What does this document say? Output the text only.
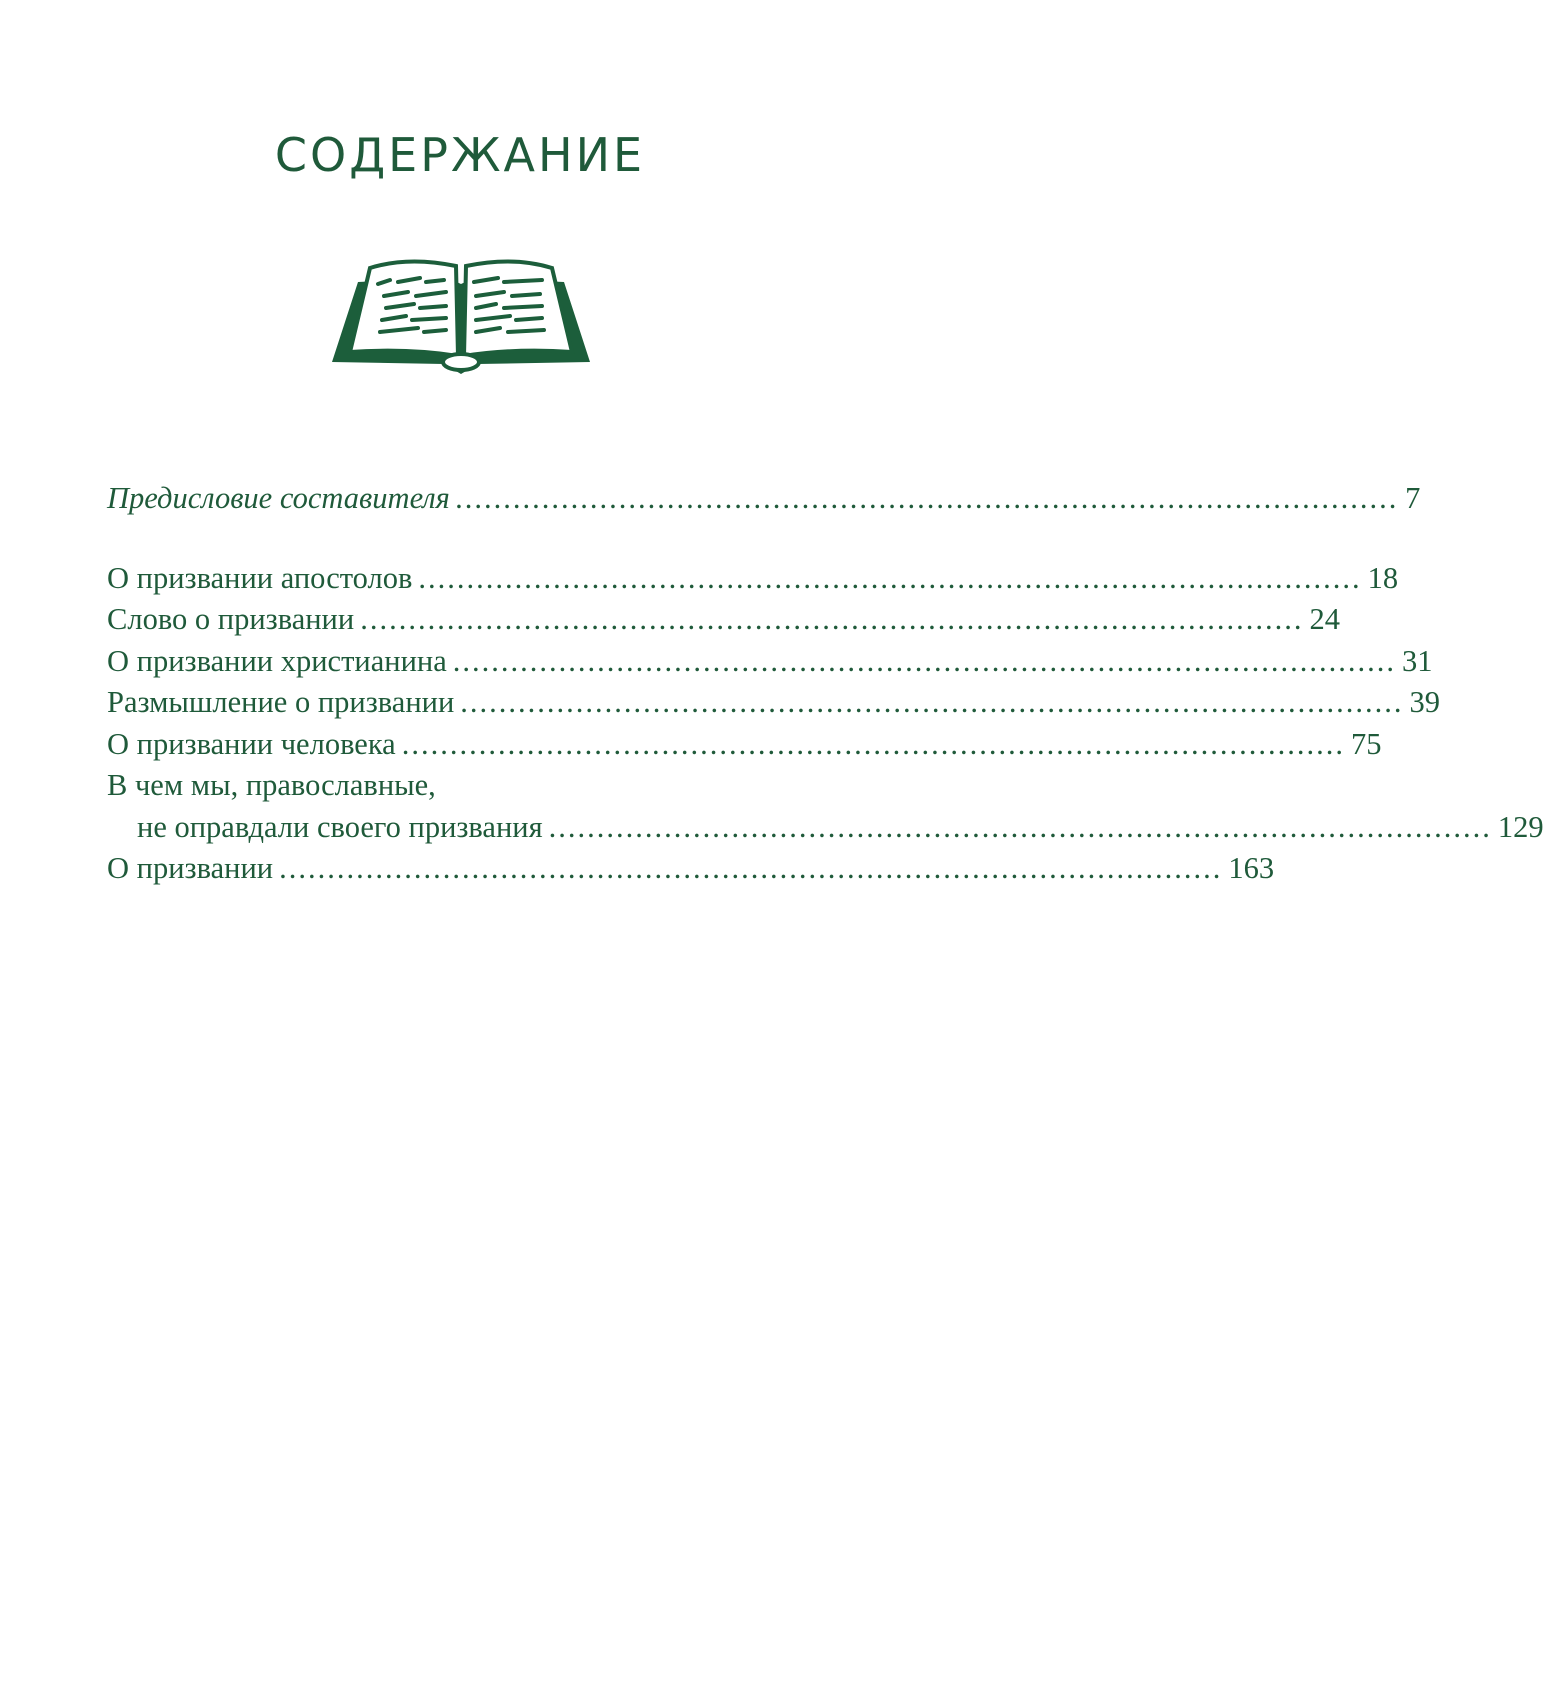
СОДЕРЖАНИЕ
Предисловие составителя .................................................................................................. 7
О призвании апостолов .................................................................................................. 18
Слово о призвании .................................................................................................. 24
О призвании христианина .................................................................................................. 31
Размышление о призвании .................................................................................................. 39
О призвании человека .................................................................................................. 75
В чем мы, православные,
не оправдали своего призвания .................................................................................................. 129
О призвании .................................................................................................. 163
